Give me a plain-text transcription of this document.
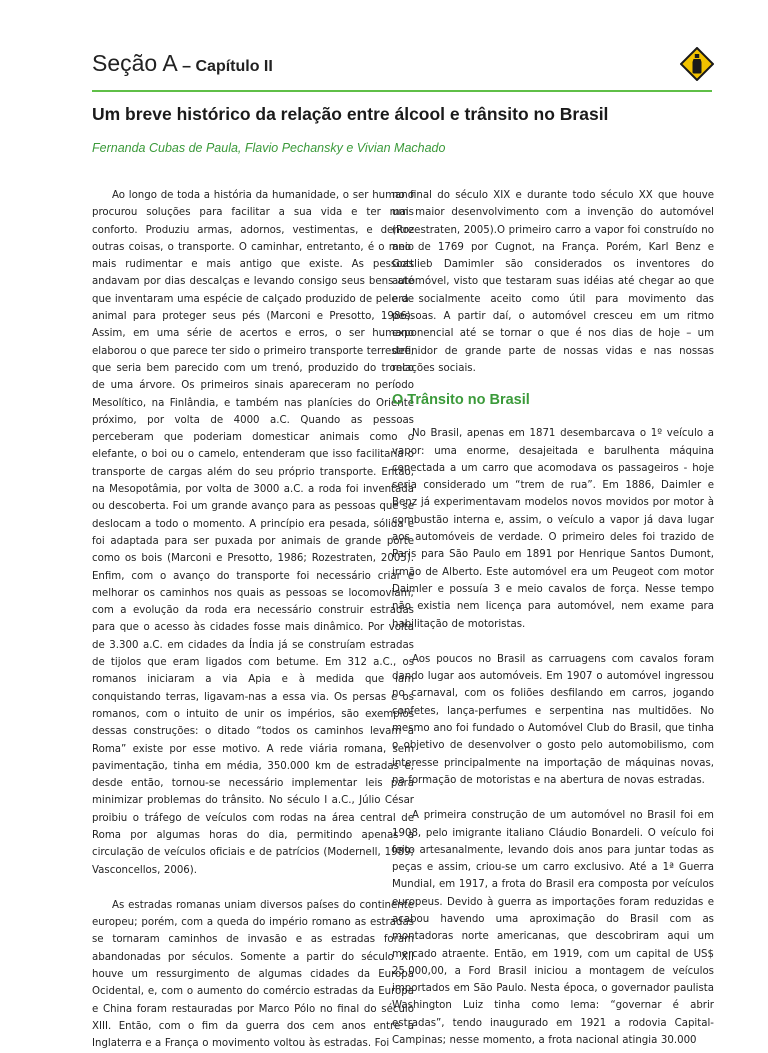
Seção A – Capítulo II
Um breve histórico da relação entre álcool e trânsito no Brasil
Fernanda Cubas de Paula, Flavio Pechansky e Vivian Machado

Ao longo de toda a história da humanidade, o ser humano procurou soluções para facilitar a sua vida e ter mais conforto. Produziu armas, adornos, vestimentas, e dentre outras coisas, o transporte. O caminhar, entretanto, é o meio mais rudimentar e mais antigo que existe. As pessoas andavam por dias descalças e levando consigo seus bens até que inventaram uma espécie de calçado produzido de pele de animal para proteger seus pés (Marconi e Presotto, 1986). Assim, em uma série de acertos e erros, o ser humano elaborou o que parece ter sido o primeiro transporte terrestre, que seria bem parecido com um trenó, produzido do tronco de uma árvore. Os primeiros sinais apareceram no período Mesolítico, na Finlândia, e também nas planícies do Oriente próximo, por volta de 4000 a.C. Quando as pessoas perceberam que poderiam domesticar animais como o elefante, o boi ou o camelo, entenderam que isso facilitaria o transporte de cargas além do seu próprio transporte. Então, na Mesopotâmia, por volta de 3000 a.C. a roda foi inventada ou descoberta. Foi um grande avanço para as pessoas que se deslocam a todo o momento. A princípio era pesada, sólida e foi adaptada para ser puxada por animais de grande porte como os bois (Marconi e Presotto, 1986; Rozestraten, 2005). Enfim, com o avanço do transporte foi necessário criar e melhorar os caminhos nos quais as pessoas se locomoviam; com a evolução da roda era necessário construir estradas para que o acesso às cidades fosse mais dinâmico. Por volta de 3.300 a.C. em cidades da Índia já se construíam estradas de tijolos que eram ligados com betume. Em 312 a.C., os romanos iniciaram a via Apia e à medida que iam conquistando terras, ligavam-nas a essa via. Os persas e os romanos, com o intuito de unir os impérios, são exemplos dessas construções: o ditado “todos os caminhos levam a Roma” existe por esse motivo. A rede viária romana, sem pavimentação, tinha em média, 350.000 km de estradas e, desde então, tornou-se necessário implementar leis para minimizar problemas do trânsito. No século I a.C., Júlio César proibiu o tráfego de veículos com rodas na área central de Roma por algumas horas do dia, permitindo apenas a circulação de veículos oficiais e de patrícios (Modernell, 1989; Vasconcellos, 2006).

As estradas romanas uniam diversos países do continente europeu; porém, com a queda do império romano as estradas se tornaram caminhos de invasão e as estradas foram abandonadas por séculos. Somente a partir do século XII houve um ressurgimento de algumas cidades da Europa Ocidental, e, com o aumento do comércio estradas da Europa e China foram restauradas por Marco Pólo no final do século XIII. Então, com o fim da guerra dos cem anos entre a Inglaterra e a França o movimento voltou às estradas. Foi

no final do século XIX e durante todo século XX que houve um maior desenvolvimento com a invenção do automóvel (Rozestraten, 2005).O primeiro carro a vapor foi construído no ano de 1769 por Cugnot, na França. Porém, Karl Benz e Gottlieb Damimler são considerados os inventores do automóvel, visto que testaram suas idéias até chegar ao que era socialmente aceito como útil para movimento das pessoas. A partir daí, o automóvel cresceu em um ritmo exponencial até se tornar o que é nos dias de hoje – um definidor de grande parte de nossas vidas e nas nossas relações sociais.

O Trânsito no Brasil

No Brasil, apenas em 1871 desembarcava o 1º veículo a vapor: uma enorme, desajeitada e barulhenta máquina conectada a um carro que acomodava os passageiros - hoje seria considerado um “trem de rua”. Em 1886, Daimler e Benz já experimentavam modelos novos movidos por motor à combustão interna e, assim, o veículo a vapor já dava lugar aos automóveis de verdade. O primeiro deles foi trazido de Paris para São Paulo em 1891 por Henrique Santos Dumont, irmão de Alberto. Este automóvel era um Peugeot com motor Daimler e possuía 3 e meio cavalos de força. Nesse tempo não existia nem licença para automóvel, nem exame para habilitação de motoristas.

Aos poucos no Brasil as carruagens com cavalos foram dando lugar aos automóveis. Em 1907 o automóvel ingressou no carnaval, com os foliões desfilando em carros, jogando confetes, lança-perfumes e serpentina nas multidões. No mesmo ano foi fundado o Automóvel Club do Brasil, que tinha o objetivo de desenvolver o gosto pelo automobilismo, com interesse principalmente na importação de máquinas novas, na formação de motoristas e na abertura de novas estradas.

A primeira construção de um automóvel no Brasil foi em 1908, pelo imigrante italiano Cláudio Bonardeli. O veículo foi feito artesanalmente, levando dois anos para juntar todas as peças e assim, criou-se um carro exclusivo. Até a 1ª Guerra Mundial, em 1917, a frota do Brasil era composta por veículos europeus. Devido à guerra as importações foram reduzidas e acabou havendo uma aproximação do Brasil com as montadoras norte americanas, que descobriram aqui um mercado atraente. Então, em 1919, com um capital de US$ 25.000,00, a Ford Brasil iniciou a montagem de veículos importados em São Paulo. Nesta época, o governador paulista Washington Luiz tinha como lema: “governar é abrir estradas”, tendo inaugurado em 1921 a rodovia Capital-Campinas; nesse momento, a frota nacional atingia 30.000
